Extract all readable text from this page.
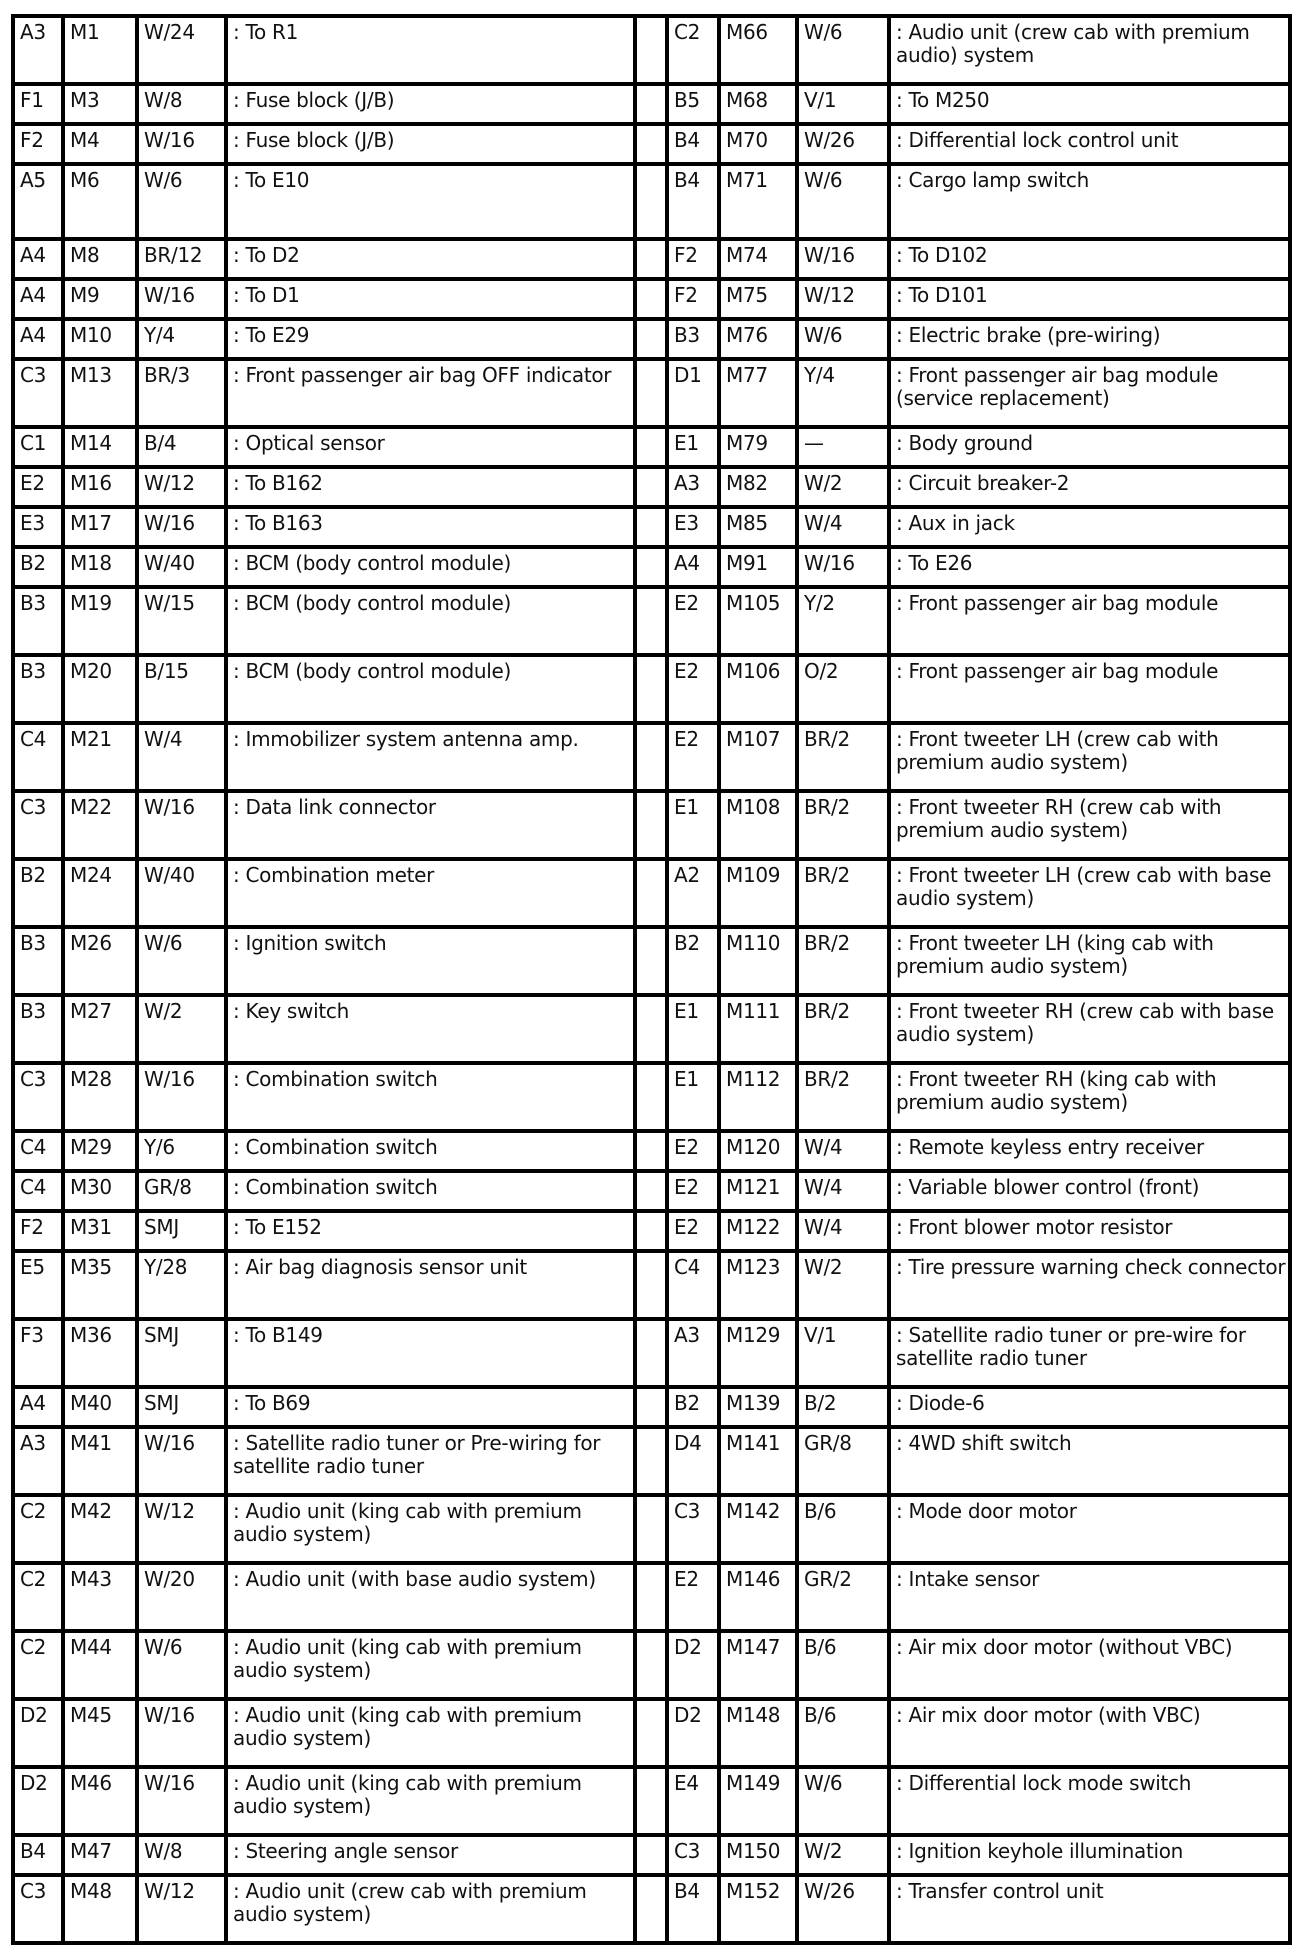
A3	M1	W/24	: To R1		C2	M66	W/6	: Audio unit (crew cab with premium audio) system
F1	M3	W/8	: Fuse block (J/B)		B5	M68	V/1	: To M250
F2	M4	W/16	: Fuse block (J/B)		B4	M70	W/26	: Differential lock control unit
A5	M6	W/6	: To E10		B4	M71	W/6	: Cargo lamp switch
A4	M8	BR/12	: To D2		F2	M74	W/16	: To D102
A4	M9	W/16	: To D1		F2	M75	W/12	: To D101
A4	M10	Y/4	: To E29		B3	M76	W/6	: Electric brake (pre-wiring)
C3	M13	BR/3	: Front passenger air bag OFF indicator		D1	M77	Y/4	: Front passenger air bag module (service replacement)
C1	M14	B/4	: Optical sensor		E1	M79	—	: Body ground
E2	M16	W/12	: To B162		A3	M82	W/2	: Circuit breaker-2
E3	M17	W/16	: To B163		E3	M85	W/4	: Aux in jack
B2	M18	W/40	: BCM (body control module)		A4	M91	W/16	: To E26
B3	M19	W/15	: BCM (body control module)		E2	M105	Y/2	: Front passenger air bag module
B3	M20	B/15	: BCM (body control module)		E2	M106	O/2	: Front passenger air bag module
C4	M21	W/4	: Immobilizer system antenna amp.		E2	M107	BR/2	: Front tweeter LH (crew cab with premium audio system)
C3	M22	W/16	: Data link connector		E1	M108	BR/2	: Front tweeter RH (crew cab with premium audio system)
B2	M24	W/40	: Combination meter		A2	M109	BR/2	: Front tweeter LH (crew cab with base audio system)
B3	M26	W/6	: Ignition switch		B2	M110	BR/2	: Front tweeter LH (king cab with premium audio system)
B3	M27	W/2	: Key switch		E1	M111	BR/2	: Front tweeter RH (crew cab with base audio system)
C3	M28	W/16	: Combination switch		E1	M112	BR/2	: Front tweeter RH (king cab with premium audio system)
C4	M29	Y/6	: Combination switch		E2	M120	W/4	: Remote keyless entry receiver
C4	M30	GR/8	: Combination switch		E2	M121	W/4	: Variable blower control (front)
F2	M31	SMJ	: To E152		E2	M122	W/4	: Front blower motor resistor
E5	M35	Y/28	: Air bag diagnosis sensor unit		C4	M123	W/2	: Tire pressure warning check connector
F3	M36	SMJ	: To B149		A3	M129	V/1	: Satellite radio tuner or pre-wire for satellite radio tuner
A4	M40	SMJ	: To B69		B2	M139	B/2	: Diode-6
A3	M41	W/16	: Satellite radio tuner or Pre-wiring for satellite radio tuner		D4	M141	GR/8	: 4WD shift switch
C2	M42	W/12	: Audio unit (king cab with premium audio system)		C3	M142	B/6	: Mode door motor
C2	M43	W/20	: Audio unit (with base audio system)		E2	M146	GR/2	: Intake sensor
C2	M44	W/6	: Audio unit (king cab with premium audio system)		D2	M147	B/6	: Air mix door motor (without VBC)
D2	M45	W/16	: Audio unit (king cab with premium audio system)		D2	M148	B/6	: Air mix door motor (with VBC)
D2	M46	W/16	: Audio unit (king cab with premium audio system)		E4	M149	W/6	: Differential lock mode switch
B4	M47	W/8	: Steering angle sensor		C3	M150	W/2	: Ignition keyhole illumination
C3	M48	W/12	: Audio unit (crew cab with premium audio system)		B4	M152	W/26	: Transfer control unit
